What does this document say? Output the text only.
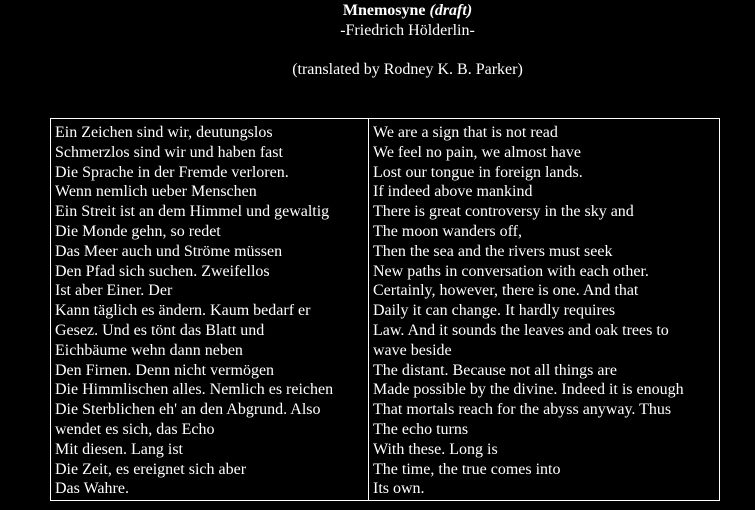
Mnemosyne (draft)
-Friedrich Hölderlin-
(translated by Rodney K. B. Parker)
Ein Zeichen sind wir, deutungslos
Schmerzlos sind wir und haben fast
Die Sprache in der Fremde verloren.
Wenn nemlich ueber Menschen
Ein Streit ist an dem Himmel und gewaltig
Die Monde gehn, so redet
Das Meer auch und Ströme müssen
Den Pfad sich suchen. Zweifellos
Ist aber Einer. Der
Kann täglich es ändern. Kaum bedarf er
Gesez. Und es tönt das Blatt und
Eichbäume wehn dann neben
Den Firnen. Denn nicht vermögen
Die Himmlischen alles. Nemlich es reichen
Die Sterblichen eh' an den Abgrund. Also
wendet es sich, das Echo
Mit diesen. Lang ist
Die Zeit, es ereignet sich aber
Das Wahre.
We are a sign that is not read
We feel no pain, we almost have
Lost our tongue in foreign lands.
If indeed above mankind
There is great controversy in the sky and
The moon wanders off,
Then the sea and the rivers must seek
New paths in conversation with each other.
Certainly, however, there is one. And that
Daily it can change. It hardly requires
Law. And it sounds the leaves and oak trees to
wave beside
The distant. Because not all things are
Made possible by the divine. Indeed it is enough
That mortals reach for the abyss anyway. Thus
The echo turns
With these. Long is
The time, the true comes into
Its own.
